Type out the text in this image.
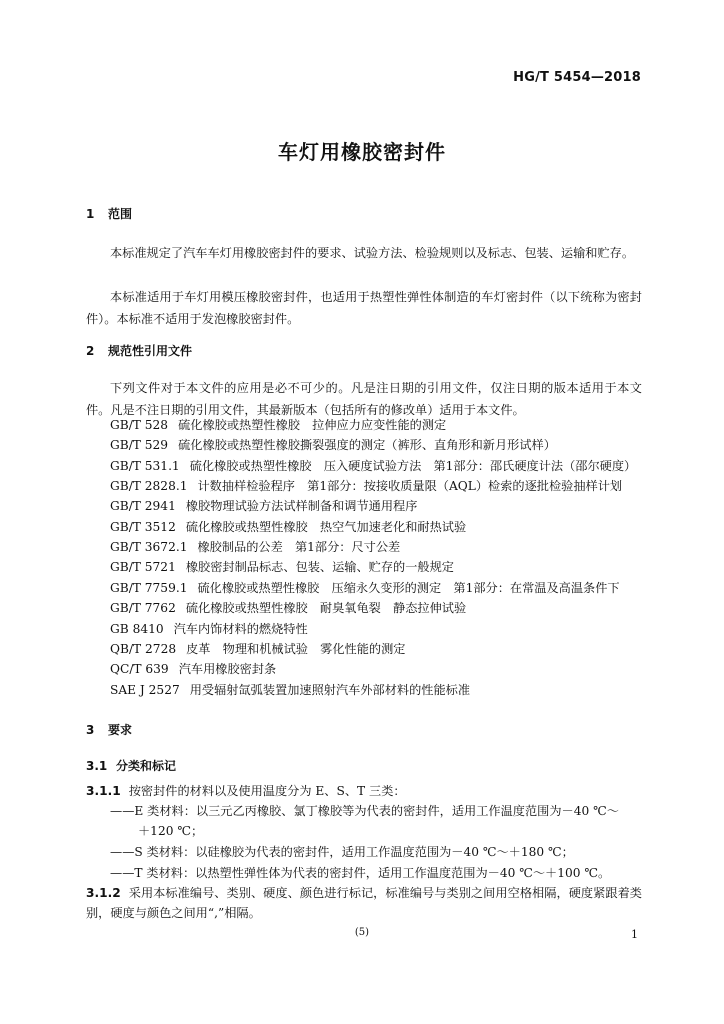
HG/T 5454—2018
车灯用橡胶密封件
1 范围
本标准规定了汽车车灯用橡胶密封件的要求、试验方法、检验规则以及标志、包装、运输和贮存。
本标准适用于车灯用模压橡胶密封件，也适用于热塑性弹性体制造的车灯密封件（以下统称为密封件）。本标准不适用于发泡橡胶密封件。
2 规范性引用文件
下列文件对于本文件的应用是必不可少的。凡是注日期的引用文件，仅注日期的版本适用于本文件。凡是不注日期的引用文件，其最新版本（包括所有的修改单）适用于本文件。
GB/T 528 硫化橡胶或热塑性橡胶　拉伸应力应变性能的测定
GB/T 529 硫化橡胶或热塑性橡胶撕裂强度的测定（裤形、直角形和新月形试样）
GB/T 531.1 硫化橡胶或热塑性橡胶　压入硬度试验方法　第1部分：邵氏硬度计法（邵尔硬度）
GB/T 2828.1 计数抽样检验程序　第1部分：按接收质量限（AQL）检索的逐批检验抽样计划
GB/T 2941 橡胶物理试验方法试样制备和调节通用程序
GB/T 3512 硫化橡胶或热塑性橡胶　热空气加速老化和耐热试验
GB/T 3672.1 橡胶制品的公差　第1部分：尺寸公差
GB/T 5721 橡胶密封制品标志、包装、运输、贮存的一般规定
GB/T 7759.1 硫化橡胶或热塑性橡胶　压缩永久变形的测定　第1部分：在常温及高温条件下
GB/T 7762 硫化橡胶或热塑性橡胶　耐臭氧龟裂　静态拉伸试验
GB 8410 汽车内饰材料的燃烧特性
QB/T 2728 皮革　物理和机械试验　雾化性能的测定
QC/T 639 汽车用橡胶密封条
SAE J 2527 用受辐射氙弧装置加速照射汽车外部材料的性能标准
3 要求
3.1 分类和标记
3.1.1 按密封件的材料以及使用温度分为 E、S、T 三类：
——E 类材料：以三元乙丙橡胶、氯丁橡胶等为代表的密封件，适用工作温度范围为－40 ℃～
＋120 ℃；
——S 类材料：以硅橡胶为代表的密封件，适用工作温度范围为－40 ℃～＋180 ℃；
——T 类材料：以热塑性弹性体为代表的密封件，适用工作温度范围为－40 ℃～＋100 ℃。
3.1.2 采用本标准编号、类别、硬度、颜色进行标记，标准编号与类别之间用空格相隔，硬度紧跟着类别，硬度与颜色之间用“,”相隔。
(5)	1
